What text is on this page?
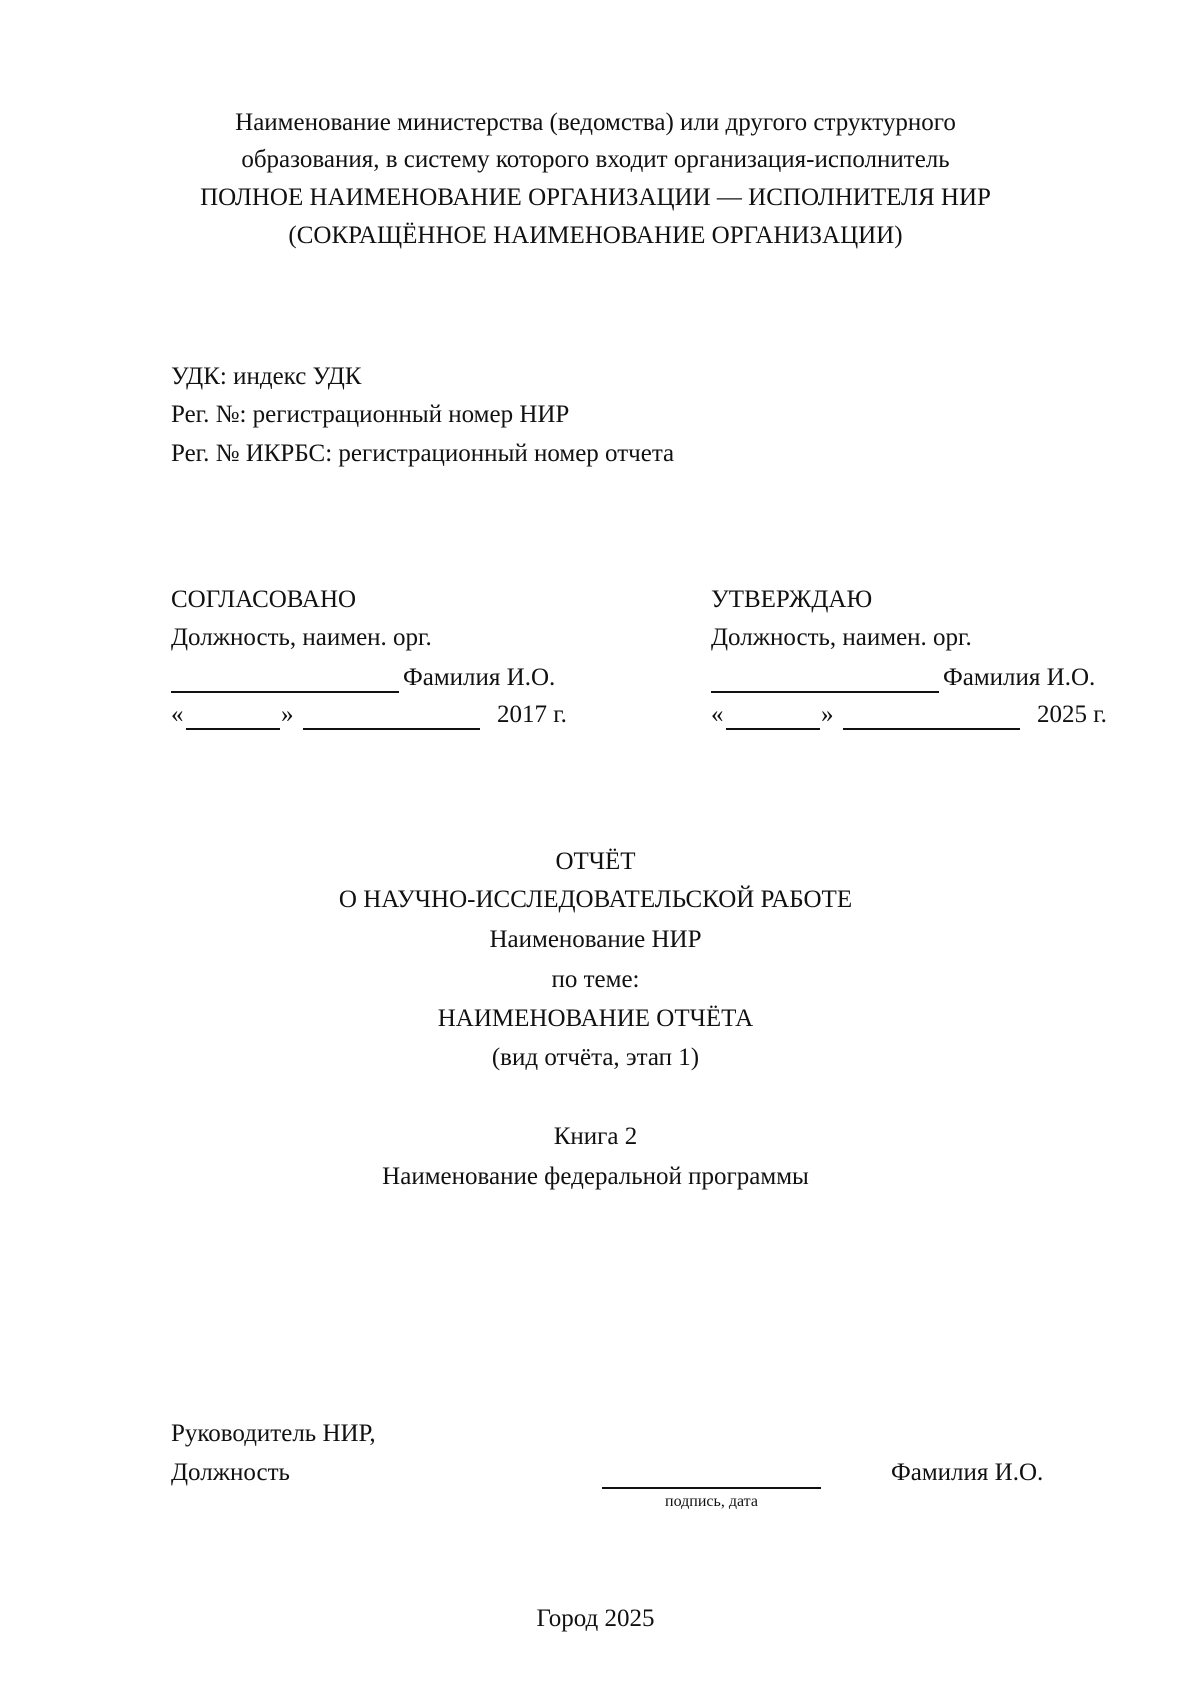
Наименование министерства (ведомства) или другого структурного
образования, в систему которого входит организация-исполнитель
ПОЛНОЕ НАИМЕНОВАНИЕ ОРГАНИЗАЦИИ — ИСПОЛНИТЕЛЯ НИР
(СОКРАЩЁННОЕ НАИМЕНОВАНИЕ ОРГАНИЗАЦИИ)
УДК: индекс УДК
Рег. №: регистрационный номер НИР
Рег. № ИКРБС: регистрационный номер отчета
СОГЛАСОВАНО
Должность, наимен. орг.
Фамилия И.О.
«	»	2017 г.
УТВЕРЖДАЮ
Должность, наимен. орг.
Фамилия И.О.
«	»	2025 г.
ОТЧЁТ
О НАУЧНО-ИССЛЕДОВАТЕЛЬСКОЙ РАБОТЕ
Наименование НИР
по теме:
НАИМЕНОВАНИЕ ОТЧЁТА
(вид отчёта, этап 1)
Книга 2
Наименование федеральной программы
Руководитель НИР,
Должность
подпись, дата
Фамилия И.О.
Город 2025
